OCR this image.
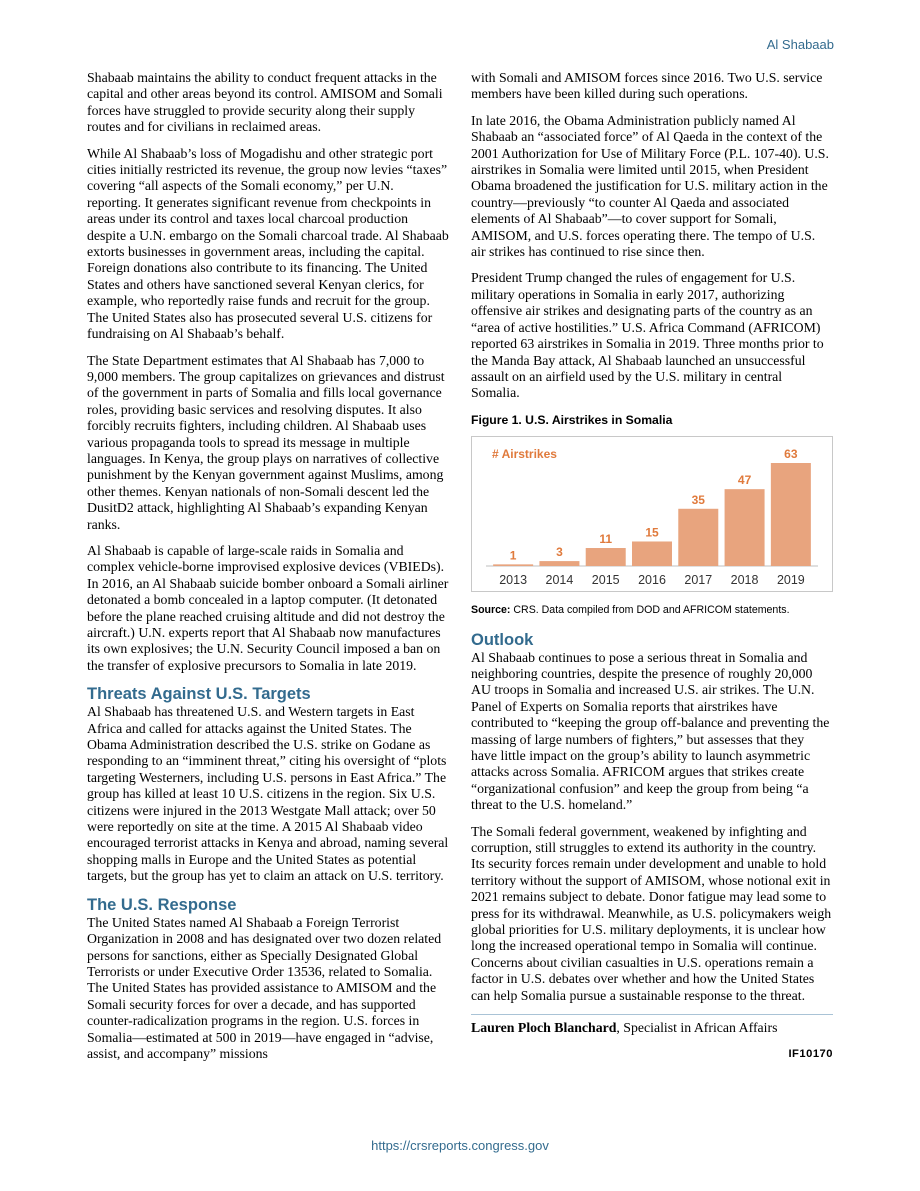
Al Shabaab

Shabaab maintains the ability to conduct frequent attacks in the capital and other areas beyond its control. AMISOM and Somali forces have struggled to provide security along their supply routes and for civilians in reclaimed areas.

While Al Shabaab’s loss of Mogadishu and other strategic port cities initially restricted its revenue, the group now levies “taxes” covering “all aspects of the Somali economy,” per U.N. reporting. It generates significant revenue from checkpoints in areas under its control and taxes local charcoal production despite a U.N. embargo on the Somali charcoal trade. Al Shabaab extorts businesses in government areas, including the capital. Foreign donations also contribute to its financing. The United States and others have sanctioned several Kenyan clerics, for example, who reportedly raise funds and recruit for the group. The United States also has prosecuted several U.S. citizens for fundraising on Al Shabaab’s behalf.

The State Department estimates that Al Shabaab has 7,000 to 9,000 members. The group capitalizes on grievances and distrust of the government in parts of Somalia and fills local governance roles, providing basic services and resolving disputes. It also forcibly recruits fighters, including children. Al Shabaab uses various propaganda tools to spread its message in multiple languages. In Kenya, the group plays on narratives of collective punishment by the Kenyan government against Muslims, among other themes. Kenyan nationals of non-Somali descent led the DusitD2 attack, highlighting Al Shabaab’s expanding Kenyan ranks.

Al Shabaab is capable of large-scale raids in Somalia and complex vehicle-borne improvised explosive devices (VBIEDs). In 2016, an Al Shabaab suicide bomber onboard a Somali airliner detonated a bomb concealed in a laptop computer. (It detonated before the plane reached cruising altitude and did not destroy the aircraft.) U.N. experts report that Al Shabaab now manufactures its own explosives; the U.N. Security Council imposed a ban on the transfer of explosive precursors to Somalia in late 2019.

Threats Against U.S. Targets

Al Shabaab has threatened U.S. and Western targets in East Africa and called for attacks against the United States. The Obama Administration described the U.S. strike on Godane as responding to an “imminent threat,” citing his oversight of “plots targeting Westerners, including U.S. persons in East Africa.” The group has killed at least 10 U.S. citizens in the region. Six U.S. citizens were injured in the 2013 Westgate Mall attack; over 50 were reportedly on site at the time. A 2015 Al Shabaab video encouraged terrorist attacks in Kenya and abroad, naming several shopping malls in Europe and the United States as potential targets, but the group has yet to claim an attack on U.S. territory.

The U.S. Response

The United States named Al Shabaab a Foreign Terrorist Organization in 2008 and has designated over two dozen related persons for sanctions, either as Specially Designated Global Terrorists or under Executive Order 13536, related to Somalia. The United States has provided assistance to AMISOM and the Somali security forces for over a decade, and has supported counter-radicalization programs in the region. U.S. forces in Somalia—estimated at 500 in 2019—have engaged in “advise, assist, and accompany” missions

with Somali and AMISOM forces since 2016. Two U.S. service members have been killed during such operations.

In late 2016, the Obama Administration publicly named Al Shabaab an “associated force” of Al Qaeda in the context of the 2001 Authorization for Use of Military Force (P.L. 107-40). U.S. airstrikes in Somalia were limited until 2015, when President Obama broadened the justification for U.S. military action in the country—previously “to counter Al Qaeda and associated elements of Al Shabaab”—to cover support for Somali, AMISOM, and U.S. forces operating there. The tempo of U.S. air strikes has continued to rise since then.

President Trump changed the rules of engagement for U.S. military operations in Somalia in early 2017, authorizing offensive air strikes and designating parts of the country as an “area of active hostilities.” U.S. Africa Command (AFRICOM) reported 63 airstrikes in Somalia in 2019. Three months prior to the Manda Bay attack, Al Shabaab launched an unsuccessful assault on an airfield used by the U.S. military in central Somalia.

Figure 1. U.S. Airstrikes in Somalia
# Airstrikes
1
2013
3
2014
11
2015
15
2016
35
2017
47
2018
63
2019
Source: CRS. Data compiled from DOD and AFRICOM statements.
Outlook

Al Shabaab continues to pose a serious threat in Somalia and neighboring countries, despite the presence of roughly 20,000 AU troops in Somalia and increased U.S. air strikes. The U.N. Panel of Experts on Somalia reports that airstrikes have contributed to “keeping the group off-balance and preventing the massing of large numbers of fighters,” but assesses that they have little impact on the group’s ability to launch asymmetric attacks across Somalia. AFRICOM argues that strikes create “organizational confusion” and keep the group from being “a threat to the U.S. homeland.”

The Somali federal government, weakened by infighting and corruption, still struggles to extend its authority in the country. Its security forces remain under development and unable to hold territory without the support of AMISOM, whose notional exit in 2021 remains subject to debate. Donor fatigue may lead some to press for its withdrawal. Meanwhile, as U.S. policymakers weigh global priorities for U.S. military deployments, it is unclear how long the increased operational tempo in Somalia will continue. Concerns about civilian casualties in U.S. operations remain a factor in U.S. debates over whether and how the United States can help Somalia pursue a sustainable response to the threat.

Lauren Ploch Blanchard, Specialist in African Affairs

IF10170
https://crsreports.congress.gov
